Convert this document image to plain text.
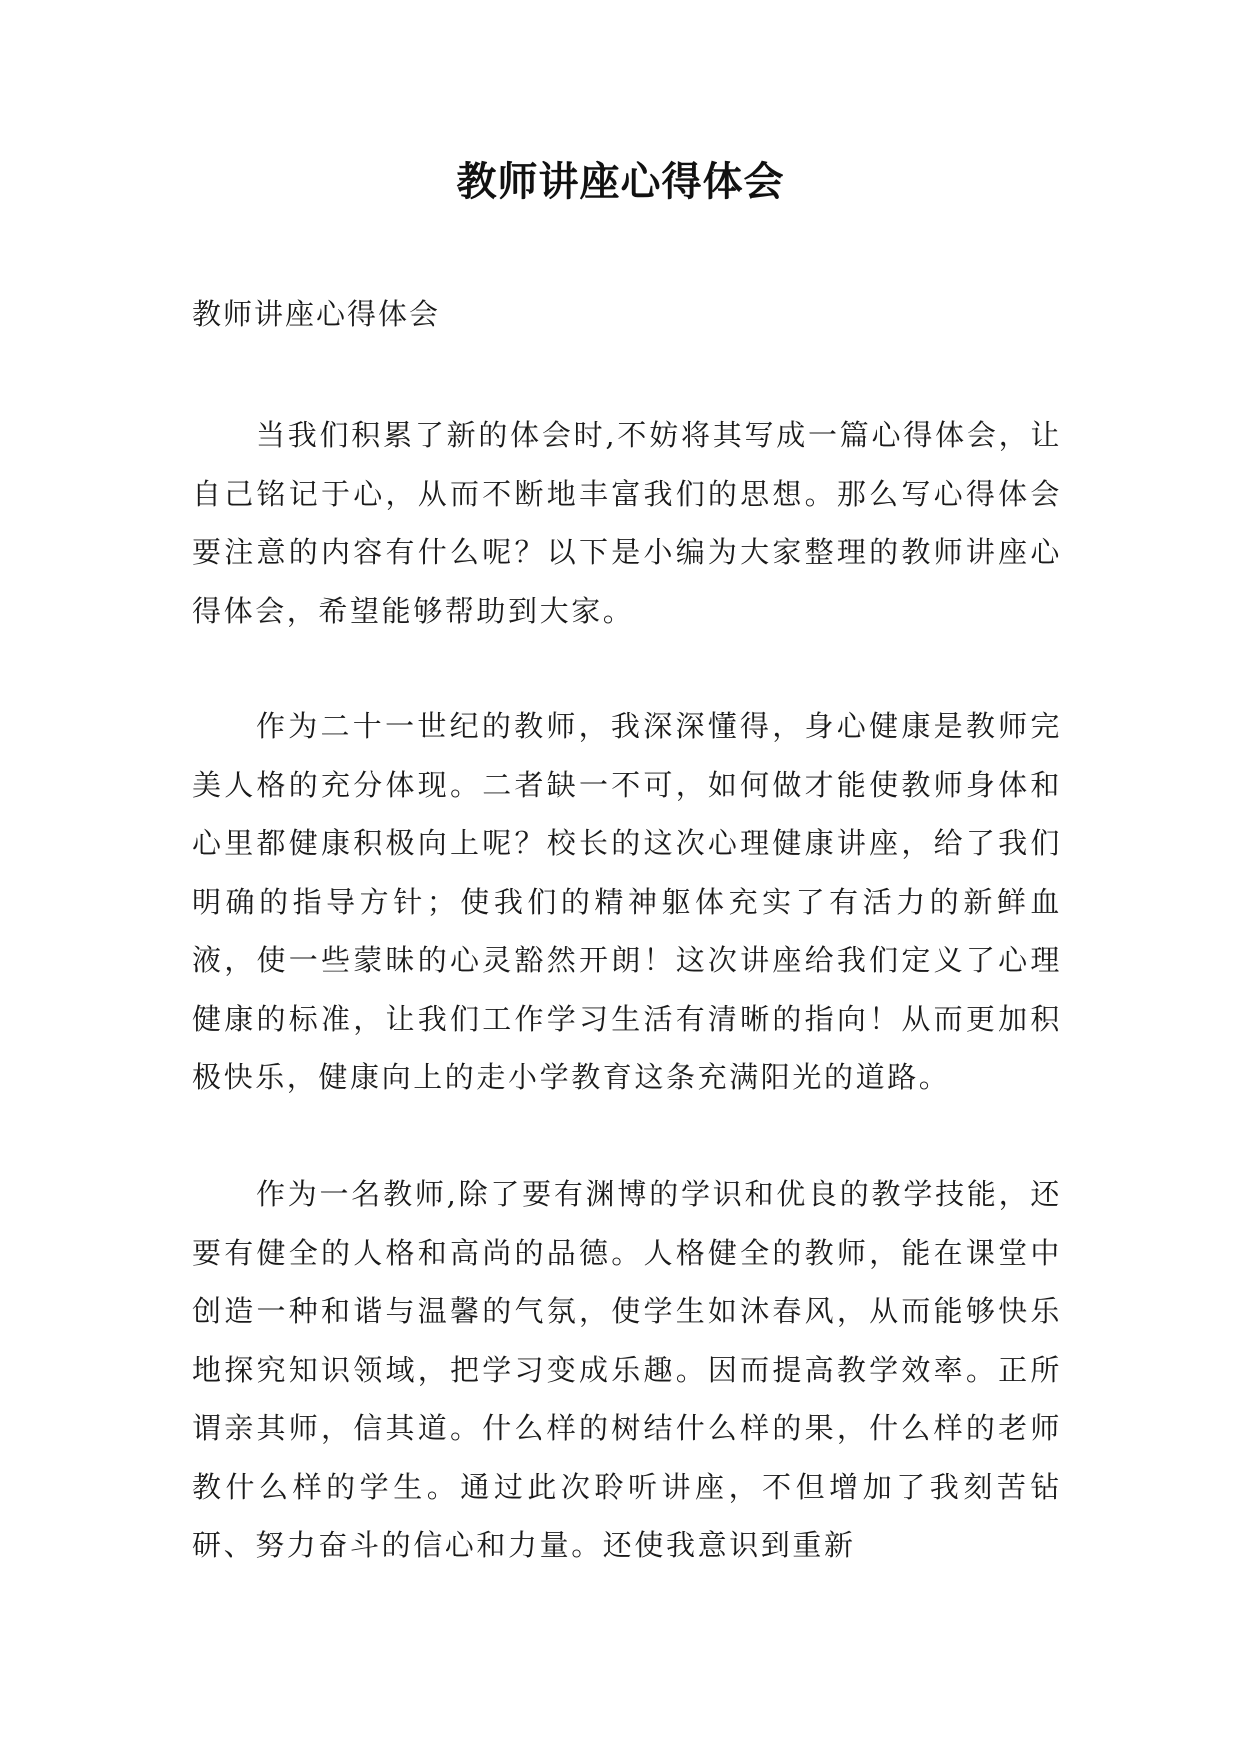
教师讲座心得体会
教师讲座心得体会

当我们积累了新的体会时,不妨将其写成一篇心得体会，让自己铭记于心，从而不断地丰富我们的思想。那么写心得体会要注意的内容有什么呢？以下是小编为大家整理的教师讲座心得体会，希望能够帮助到大家。

作为二十一世纪的教师，我深深懂得，身心健康是教师完美人格的充分体现。二者缺一不可，如何做才能使教师身体和心里都健康积极向上呢？校长的这次心理健康讲座，给了我们明确的指导方针；使我们的精神躯体充实了有活力的新鲜血液，使一些蒙昧的心灵豁然开朗！这次讲座给我们定义了心理健康的标准，让我们工作学习生活有清晰的指向！从而更加积极快乐，健康向上的走小学教育这条充满阳光的道路。

作为一名教师,除了要有渊博的学识和优良的教学技能，还要有健全的人格和高尚的品德。人格健全的教师，能在课堂中创造一种和谐与温馨的气氛，使学生如沐春风，从而能够快乐地探究知识领域，把学习变成乐趣。因而提高教学效率。正所谓亲其师，信其道。什么样的树结什么样的果，什么样的老师教什么样的学生。通过此次聆听讲座，不但增加了我刻苦钻研、努力奋斗的信心和力量。还使我意识到重新
